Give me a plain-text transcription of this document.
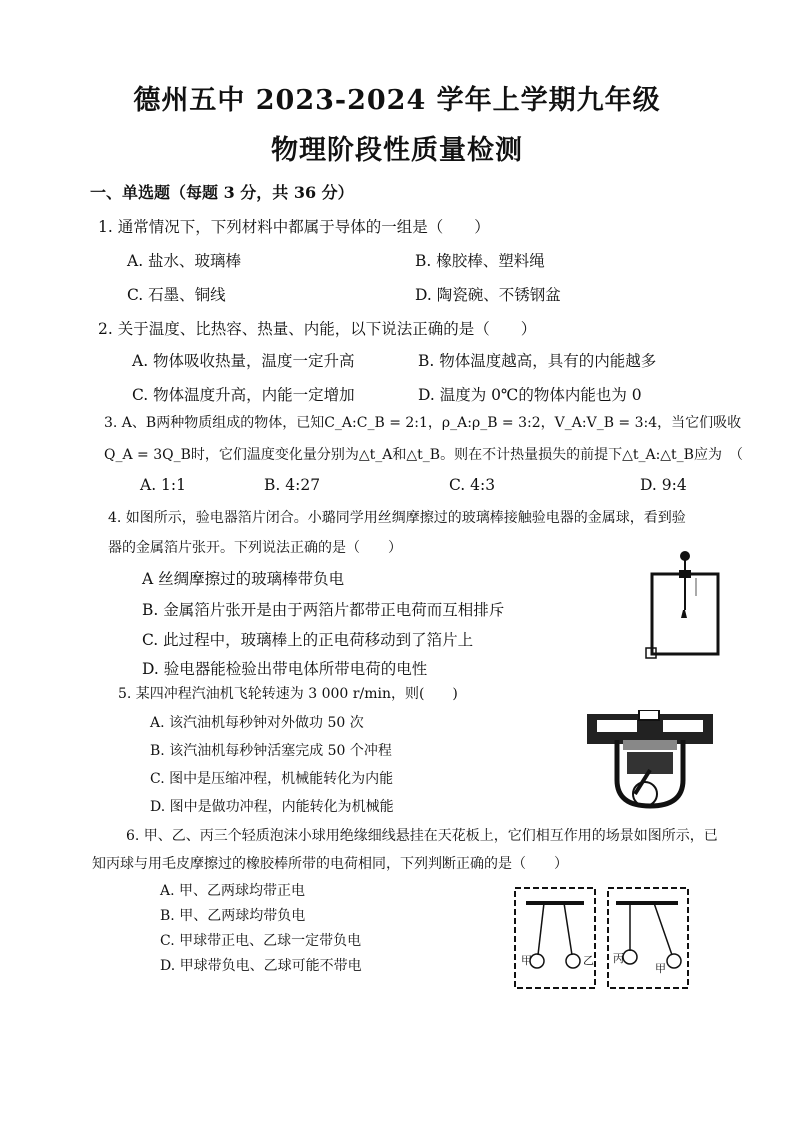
德州五中 2023-2024 学年上学期九年级
物理阶段性质量检测
一、单选题（每题 3 分，共 36 分）
1. 通常情况下，下列材料中都属于导体的一组是（　　）
A. 盐水、玻璃棒	B. 橡胶棒、塑料绳
C. 石墨、铜线	D. 陶瓷碗、不锈钢盆
2. 关于温度、比热容、热量、内能，以下说法正确的是（　　）
A. 物体吸收热量，温度一定升高	B. 物体温度越高，具有的内能越多
C. 物体温度升高，内能一定增加	D. 温度为 0℃的物体内能也为 0
3. A、B两种物质组成的物体，已知C_A:C_B = 2:1，ρ_A:ρ_B = 3:2，V_A:V_B = 3:4，当它们吸收
Q_A = 3Q_B时，它们温度变化量分别为△t_A和△t_B。则在不计热量损失的前提下△t_A:△t_B应为　（
A. 1:1	B. 4:27	C. 4:3	D. 9:4
4. 如图所示，验电器箔片闭合。小璐同学用丝绸摩擦过的玻璃棒接触验电器的金属球，看到验
器的金属箔片张开。下列说法正确的是（　　）
A 丝绸摩擦过的玻璃棒带负电
B. 金属箔片张开是由于两箔片都带正电荷而互相排斥
C. 此过程中，玻璃棒上的正电荷移动到了箔片上
D. 验电器能检验出带电体所带电荷的电性
5. 某四冲程汽油机飞轮转速为 3 000 r/min，则(　　)
A. 该汽油机每秒钟对外做功 50 次
B. 该汽油机每秒钟活塞完成 50 个冲程
C. 图中是压缩冲程，机械能转化为内能
D. 图中是做功冲程，内能转化为机械能
6. 甲、乙、丙三个轻质泡沫小球用绝缘细线悬挂在天花板上，它们相互作用的场景如图所示，已
知丙球与用毛皮摩擦过的橡胶棒所带的电荷相同，下列判断正确的是（　　）
A. 甲、乙两球均带正电
B. 甲、乙两球均带负电
C. 甲球带正电、乙球一定带负电
D. 甲球带负电、乙球可能不带电	甲	乙 丙
甲
